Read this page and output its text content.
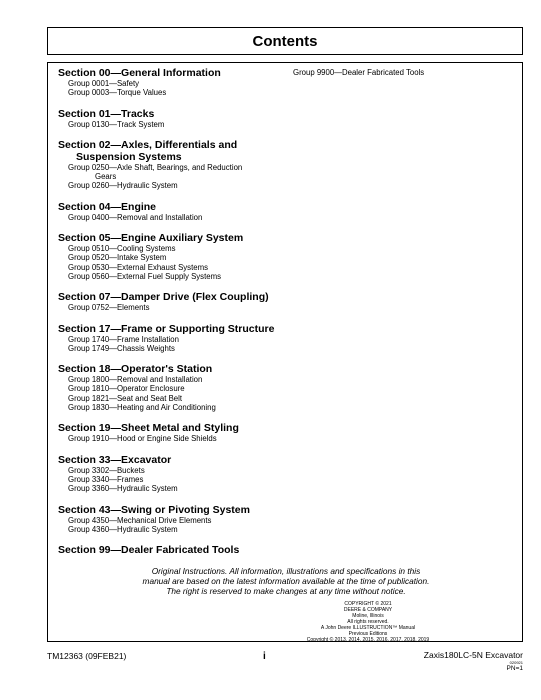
Contents
Section 00—General Information
Group 0001—Safety
Group 0003—Torque Values
Section 01—Tracks
Group 0130—Track System
Section 02—Axles, Differentials and
Suspension Systems
Group 0250—Axle Shaft, Bearings, and Reduction
Gears
Group 0260—Hydraulic System
Section 04—Engine
Group 0400—Removal and Installation
Section 05—Engine Auxiliary System
Group 0510—Cooling Systems
Group 0520—Intake System
Group 0530—External Exhaust Systems
Group 0560—External Fuel Supply Systems
Section 07—Damper Drive (Flex Coupling)
Group 0752—Elements
Section 17—Frame or Supporting Structure
Group 1740—Frame Installation
Group 1749—Chassis Weights
Section 18—Operator's Station
Group 1800—Removal and Installation
Group 1810—Operator Enclosure
Group 1821—Seat and Seat Belt
Group 1830—Heating and Air Conditioning
Section 19—Sheet Metal and Styling
Group 1910—Hood or Engine Side Shields
Section 33—Excavator
Group 3302—Buckets
Group 3340—Frames
Group 3360—Hydraulic System
Section 43—Swing or Pivoting System
Group 4350—Mechanical Drive Elements
Group 4360—Hydraulic System
Section 99—Dealer Fabricated Tools
Group 9900—Dealer Fabricated Tools
Original Instructions. All information, illustrations and specifications in this
manual are based on the latest information available at the time of publication.
The right is reserved to make changes at any time without notice.
COPYRIGHT © 2021
DEERE & COMPANY
Moline, Illinois
All rights reserved.
A John Deere ILLUSTRUCTION™ Manual
Previous Editions
Copyright © 2013, 2014, 2015, 2016, 2017, 2018, 2019
TM12363 (09FEB21)	i	Zaxis180LC-5N Excavator
020921
PN=1
